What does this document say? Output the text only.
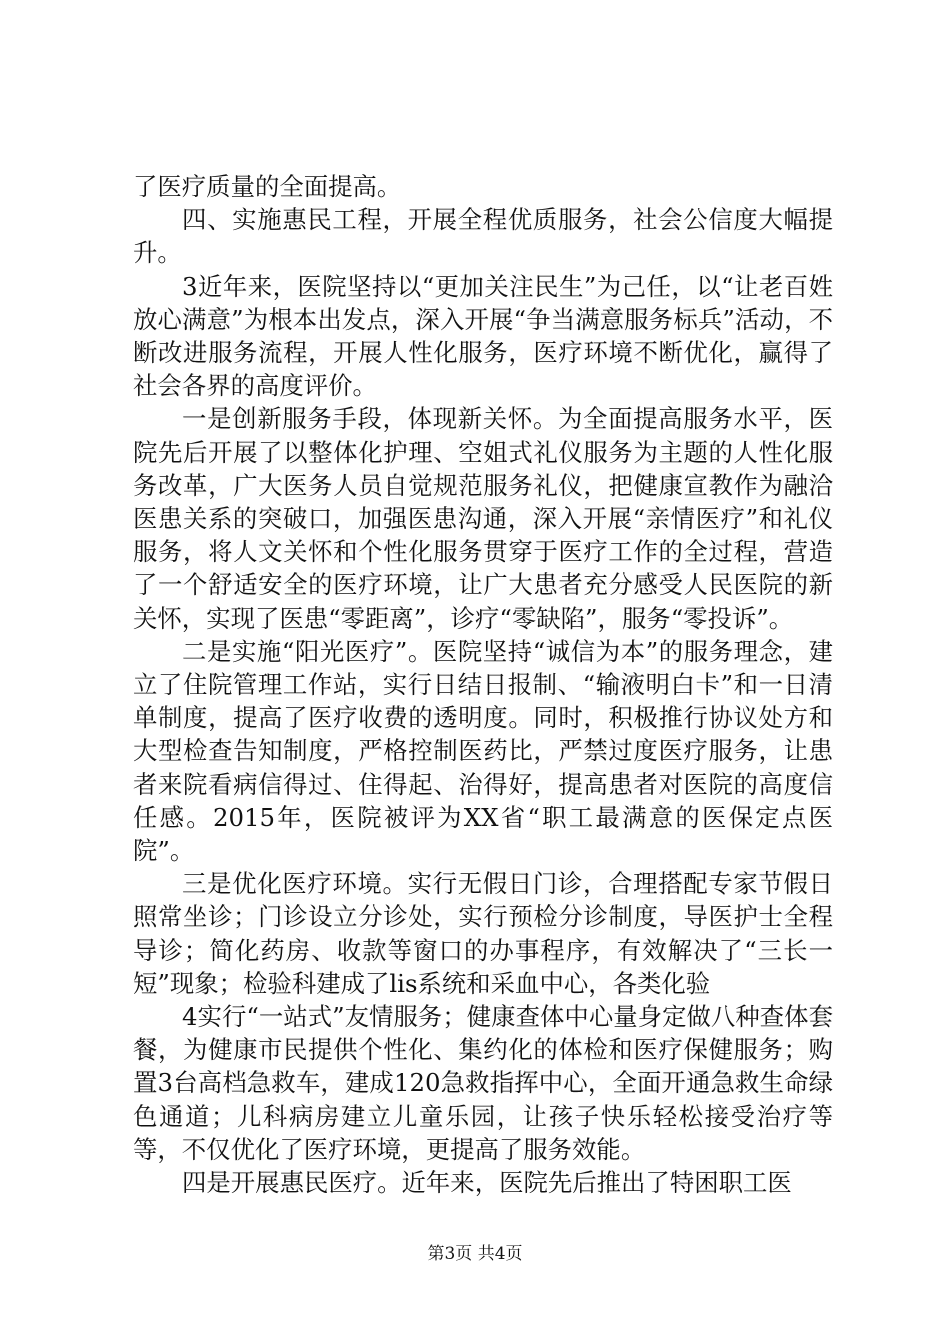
了医疗质量的全面提高。

四、实施惠民工程，开展全程优质服务，社会公信度大幅提升。

3近年来，医院坚持以“更加关注民生”为己任，以“让老百姓放心满意”为根本出发点，深入开展“争当满意服务标兵”活动，不断改进服务流程，开展人性化服务，医疗环境不断优化，赢得了社会各界的高度评价。

一是创新服务手段，体现新关怀。为全面提高服务水平，医院先后开展了以整体化护理、空姐式礼仪服务为主题的人性化服务改革，广大医务人员自觉规范服务礼仪，把健康宣教作为融洽医患关系的突破口，加强医患沟通，深入开展“亲情医疗”和礼仪服务，将人文关怀和个性化服务贯穿于医疗工作的全过程，营造了一个舒适安全的医疗环境，让广大患者充分感受人民医院的新关怀，实现了医患“零距离”，诊疗“零缺陷”，服务“零投诉”。

二是实施“阳光医疗”。医院坚持“诚信为本”的服务理念，建立了住院管理工作站，实行日结日报制、“输液明白卡”和一日清单制度，提高了医疗收费的透明度。同时，积极推行协议处方和大型检查告知制度，严格控制医药比，严禁过度医疗服务，让患者来院看病信得过、住得起、治得好，提高患者对医院的高度信任感。2015年，医院被评为XX省“职工最满意的医保定点医院”。

三是优化医疗环境。实行无假日门诊，合理搭配专家节假日照常坐诊；门诊设立分诊处，实行预检分诊制度，导医护士全程导诊；简化药房、收款等窗口的办事程序，有效解决了“三长一短”现象；检验科建成了lis系统和采血中心，各类化验

4实行“一站式”友情服务；健康查体中心量身定做八种查体套餐，为健康市民提供个性化、集约化的体检和医疗保健服务；购置3台高档急救车，建成120急救指挥中心，全面开通急救生命绿色通道；儿科病房建立儿童乐园，让孩子快乐轻松接受治疗等等，不仅优化了医疗环境，更提高了服务效能。

四是开展惠民医疗。近年来，医院先后推出了特困职工医

第3页 共4页
